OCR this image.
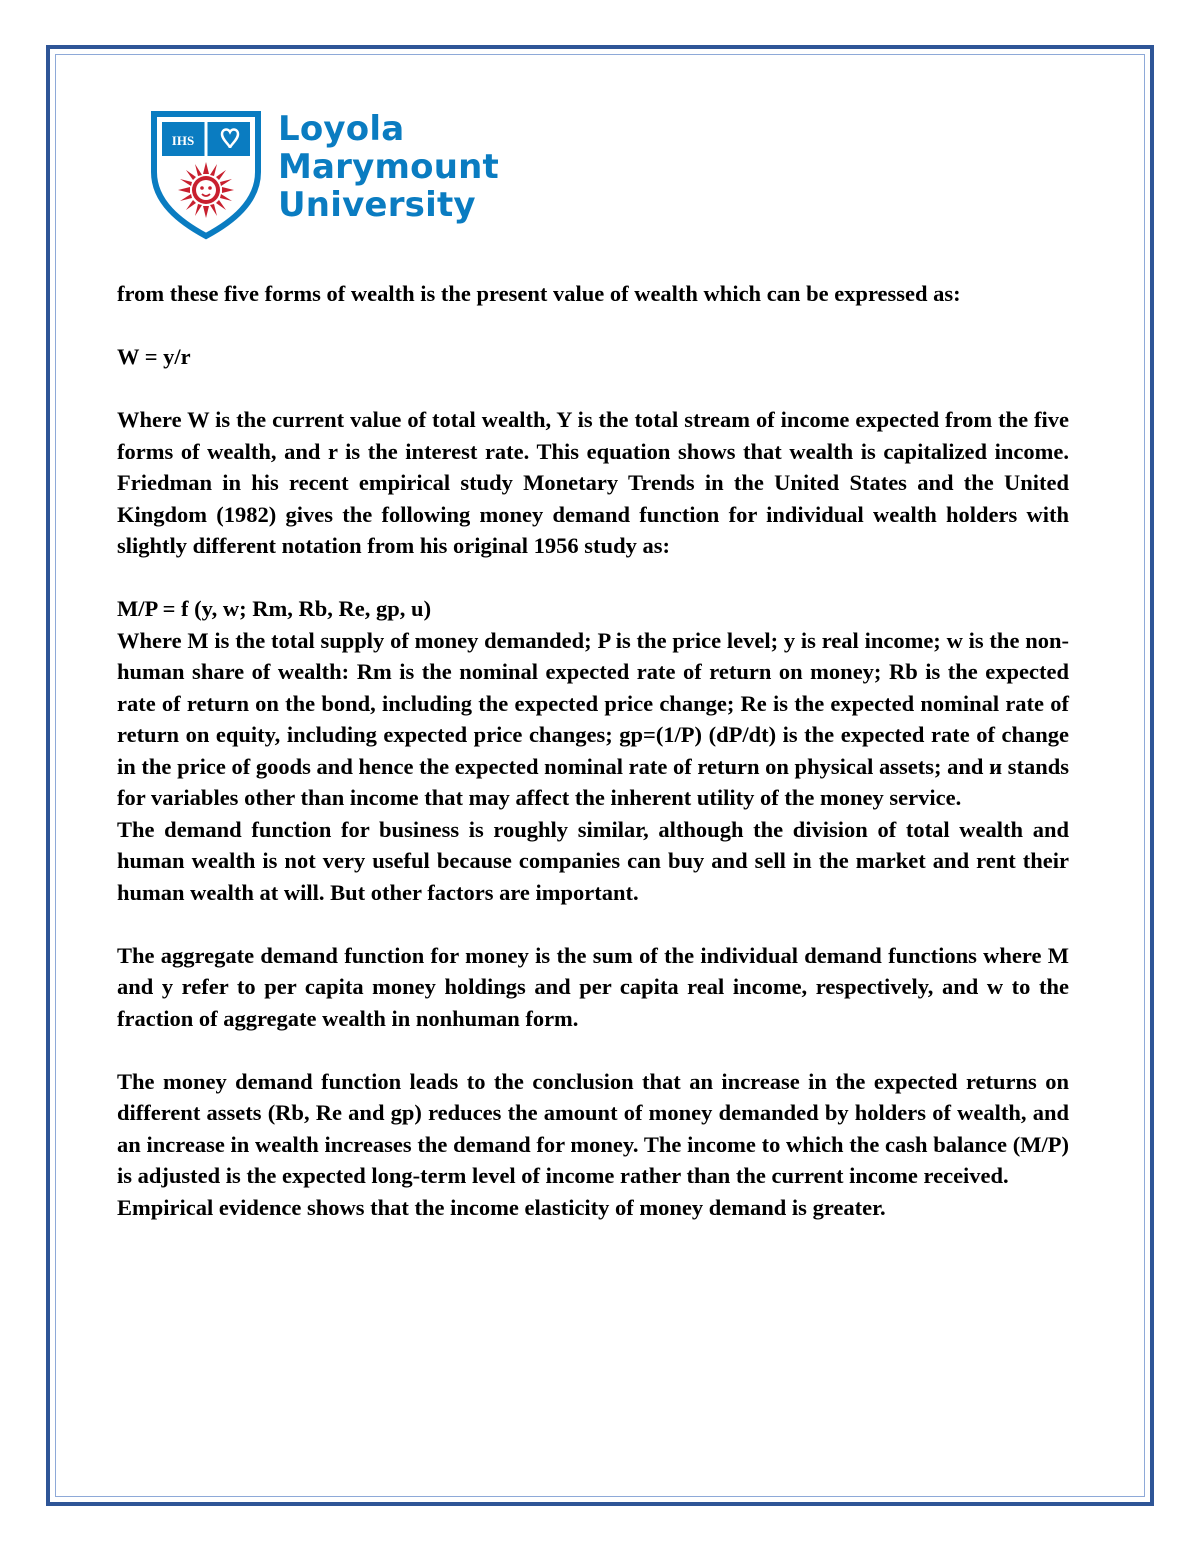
IHS Loyola
Marymount
University

from these five forms of wealth is the present value of wealth which can be expressed as:

W = y/r

Where W is the current value of total wealth, Y is the total stream of income expected from the five forms of wealth, and r is the interest rate. This equation shows that wealth is capitalized income. Friedman in his recent empirical study Monetary Trends in the United States and the United Kingdom (1982) gives the following money demand function for individual wealth holders with slightly different notation from his original 1956 study as:

M/P = f (y, w; Rm, Rb, Re, gp, u)

Where M is the total supply of money demanded; P is the price level; y is real income; w is the non-human share of wealth: Rm is the nominal expected rate of return on money; Rb is the expected rate of return on the bond, including the expected price change; Re is the expected nominal rate of return on equity, including expected price changes; gp=(1/P) (dP/dt) is the expected rate of change in the price of goods and hence the expected nominal rate of return on physical assets; and и stands for variables other than income that may affect the inherent utility of the money service.

The demand function for business is roughly similar, although the division of total wealth and human wealth is not very useful because companies can buy and sell in the market and rent their human wealth at will. But other factors are important.

The aggregate demand function for money is the sum of the individual demand functions where M and y refer to per capita money holdings and per capita real income, respectively, and w to the fraction of aggregate wealth in nonhuman form.

The money demand function leads to the conclusion that an increase in the expected returns on different assets (Rb, Re and gp) reduces the amount of money demanded by holders of wealth, and an increase in wealth increases the demand for money. The income to which the cash balance (M/P) is adjusted is the expected long-term level of income rather than the current income received.

Empirical evidence shows that the income elasticity of money demand is greater.
